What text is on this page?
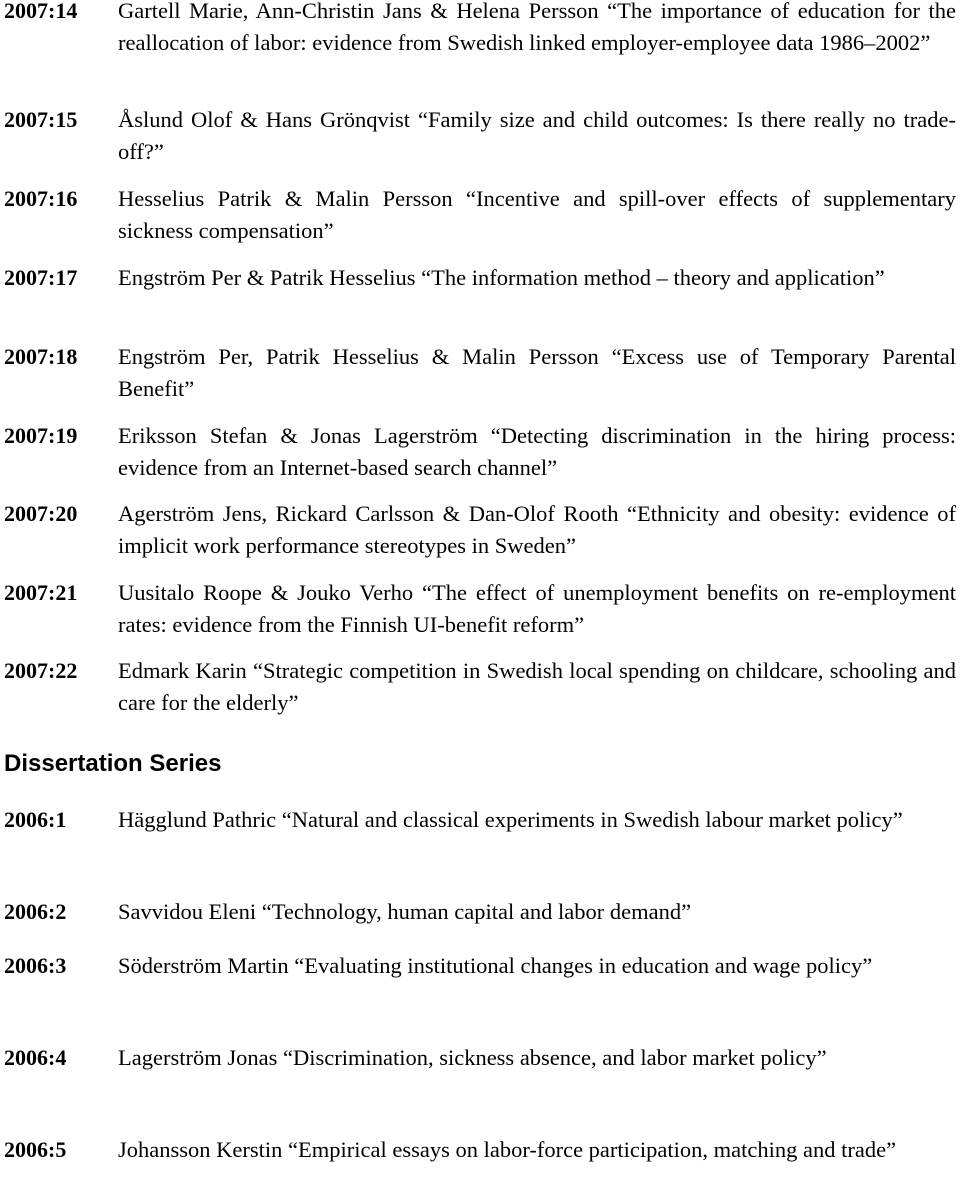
2007:14 Gartell Marie, Ann-Christin Jans & Helena Persson “The importance of education for the reallocation of labor: evidence from Swedish linked employer-employee data 1986–2002”
2007:15 Åslund Olof & Hans Grönqvist “Family size and child outcomes: Is there really no trade-off?”
2007:16 Hesselius Patrik & Malin Persson “Incentive and spill-over effects of supplementary sickness compensation”
2007:17 Engström Per & Patrik Hesselius “The information method – theory and application”
2007:18 Engström Per, Patrik Hesselius & Malin Persson “Excess use of Temporary Parental Benefit”
2007:19 Eriksson Stefan & Jonas Lagerström “Detecting discrimination in the hiring process: evidence from an Internet-based search channel”
2007:20 Agerström Jens, Rickard Carlsson & Dan-Olof Rooth “Ethnicity and obesity: evidence of implicit work performance stereotypes in Sweden”
2007:21 Uusitalo Roope & Jouko Verho “The effect of unemployment benefits on re-employment rates: evidence from the Finnish UI-benefit reform”
2007:22 Edmark Karin “Strategic competition in Swedish local spending on childcare, schooling and care for the elderly”
Dissertation Series
2006:1 Hägglund Pathric “Natural and classical experiments in Swedish labour market policy”
2006:2 Savvidou Eleni “Technology, human capital and labor demand”
2006:3 Söderström Martin “Evaluating institutional changes in education and wage policy”
2006:4 Lagerström Jonas “Discrimination, sickness absence, and labor market policy”
2006:5 Johansson Kerstin “Empirical essays on labor-force participation, matching and trade”
